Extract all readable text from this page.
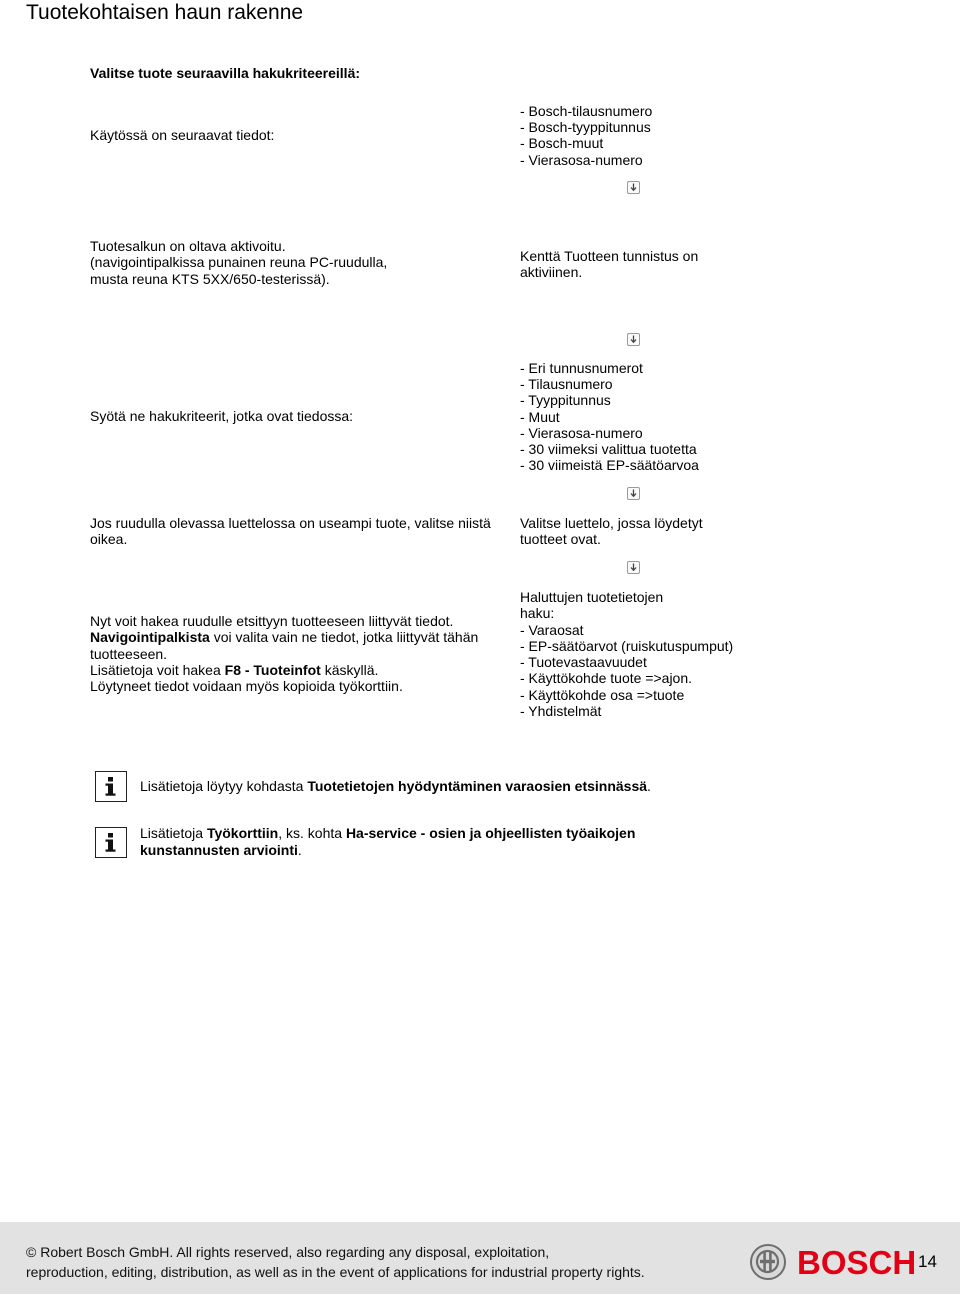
Tuotekohtaisen haun rakenne
Valitse tuote seuraavilla hakukriteereillä:
Käytössä on seuraavat tiedot:
- Bosch-tilausnumero
- Bosch-tyyppitunnus
- Bosch-muut
- Vierasosa-numero
Tuotesalkun on oltava aktivoitu.
(navigointipalkissa punainen reuna PC-ruudulla,
musta reuna KTS 5XX/650-testerissä).
Kenttä Tuotteen tunnistus on
aktiviinen.
Syötä ne hakukriteerit, jotka ovat tiedossa:
- Eri tunnusnumerot
- Tilausnumero
- Tyyppitunnus
- Muut
- Vierasosa-numero
- 30 viimeksi valittua tuotetta
- 30 viimeistä EP-säätöarvoa
Jos ruudulla olevassa luettelossa on useampi tuote, valitse niistä
oikea.
Valitse luettelo, jossa löydetyt
tuotteet ovat.
Nyt voit hakea ruudulle etsittyyn tuotteeseen liittyvät tiedot.
Navigointipalkista voi valita vain ne tiedot, jotka liittyvät tähän
tuotteeseen.
Lisätietoja voit hakea F8 - Tuoteinfot käskyllä.
Löytyneet tiedot voidaan myös kopioida työkorttiin.
Haluttujen tuotetietojen
haku:
- Varaosat
- EP-säätöarvot (ruiskutuspumput)
- Tuotevastaavuudet
- Käyttökohde tuote =>ajon.
- Käyttökohde osa =>tuote
- Yhdistelmät
Lisätietoja löytyy kohdasta Tuotetietojen hyödyntäminen varaosien etsinnässä.
Lisätietoja Työkorttiin, ks. kohta Ha-service - osien ja ohjeellisten työaikojen
kunstannusten arviointi.
© Robert Bosch GmbH. All rights reserved, also regarding any disposal, exploitation,
reproduction, editing, distribution, as well as in the event of applications for industrial property rights.	BOSCH 14
